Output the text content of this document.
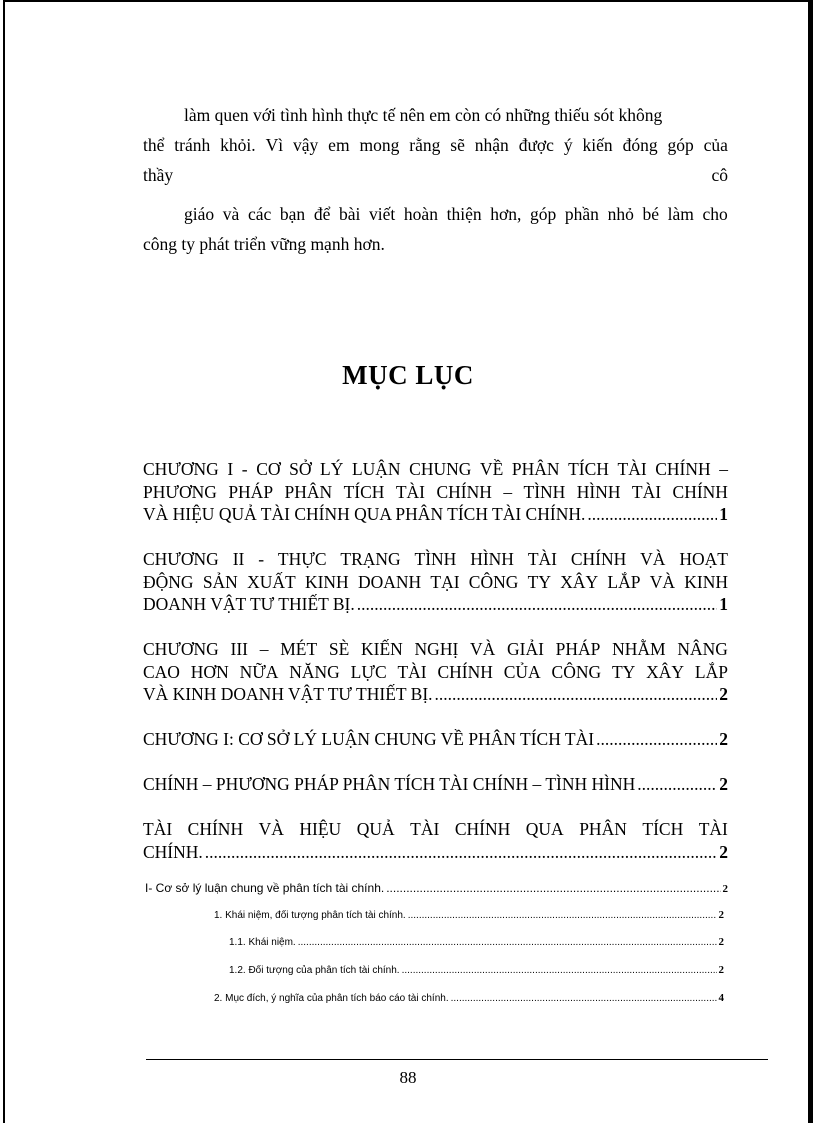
làm quen với tình hình thực tế nên em còn có những thiếu sót không
thể tránh khỏi. Vì vậy em mong rằng sẽ nhận được ý kiến đóng góp của
thầy	cô
giáo và các bạn để bài viết hoàn thiện hơn, góp phần nhỏ bé làm cho
công ty phát triển vững mạnh hơn.
MỤC LỤC
CHƯƠNG I - CƠ SỞ LÝ LUẬN CHUNG VỀ PHÂN TÍCH TÀI CHÍNH –
PHƯƠNG PHÁP PHÂN TÍCH TÀI CHÍNH – TÌNH HÌNH TÀI CHÍNH
VÀ HIỆU QUẢ TÀI CHÍNH QUA PHÂN TÍCH TÀI CHÍNH. .....	1
CHƯƠNG II - THỰC TRẠNG TÌNH HÌNH TÀI CHÍNH VÀ HOẠT
ĐỘNG SẢN XUẤT KINH DOANH TẠI CÔNG TY XÂY LẮP VÀ KINH
DOANH VẬT TƯ THIẾT BỊ. .....	1
CHƯƠNG III – MÉT SÈ KIẾN NGHỊ VÀ GIẢI PHÁP NHẰM NÂNG
CAO HƠN NỮA NĂNG LỰC TÀI CHÍNH CỦA CÔNG TY XÂY LẮP
VÀ KINH DOANH VẬT TƯ THIẾT BỊ. .....	2
CHƯƠNG I: CƠ SỞ LÝ LUẬN CHUNG VỀ PHÂN TÍCH TÀI .....	2
CHÍNH – PHƯƠNG PHÁP PHÂN TÍCH TÀI CHÍNH – TÌNH HÌNH .....	2
TÀI CHÍNH VÀ HIỆU QUẢ TÀI CHÍNH QUA PHÂN TÍCH TÀI
CHÍNH. .....	2
I- Cơ sở lý luận chung về phân tích tài chính. .....	2
1. Khái niệm, đối tượng phân tích tài chính. .....	2
1.1. Khái niệm. .....	2
1.2. Đối tượng của phân tích tài chính. .....	2
2. Mục đích, ý nghĩa của phân tích báo cáo tài chính. .....	4
88
